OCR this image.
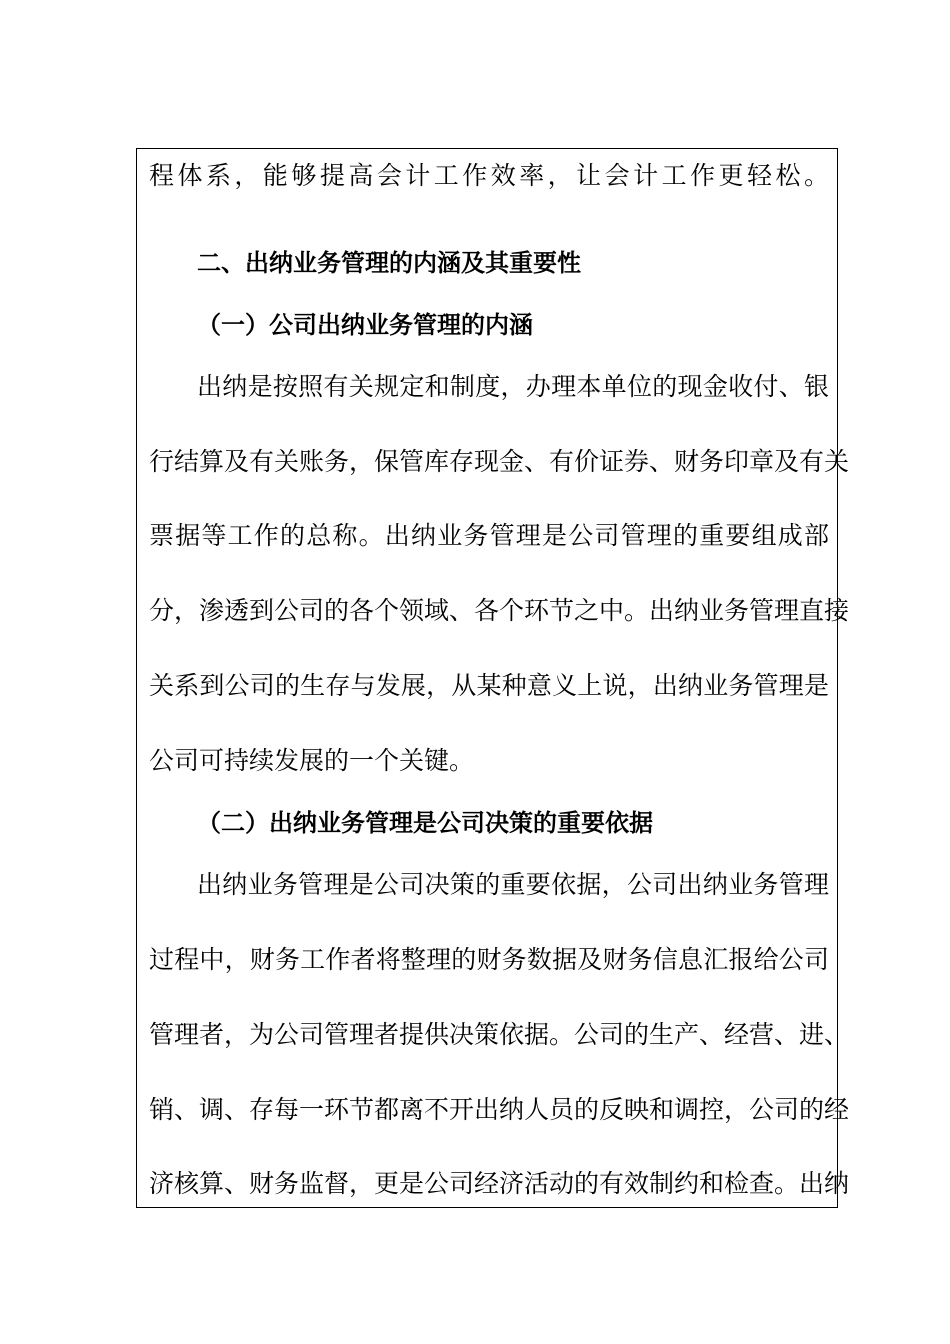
程体系，能够提高会计工作效率，让会计工作更轻松。
二、出纳业务管理的内涵及其重要性
（一）公司出纳业务管理的内涵
出纳是按照有关规定和制度，办理本单位的现金收付、银
行结算及有关账务，保管库存现金、有价证券、财务印章及有关
票据等工作的总称。出纳业务管理是公司管理的重要组成部
分，渗透到公司的各个领域、各个环节之中。出纳业务管理直接
关系到公司的生存与发展，从某种意义上说，出纳业务管理是
公司可持续发展的一个关键。
（二）出纳业务管理是公司决策的重要依据
出纳业务管理是公司决策的重要依据，公司出纳业务管理
过程中，财务工作者将整理的财务数据及财务信息汇报给公司
管理者，为公司管理者提供决策依据。公司的生产、经营、进、
销、调、存每一环节都离不开出纳人员的反映和调控，公司的经
济核算、财务监督，更是公司经济活动的有效制约和检查。出纳
